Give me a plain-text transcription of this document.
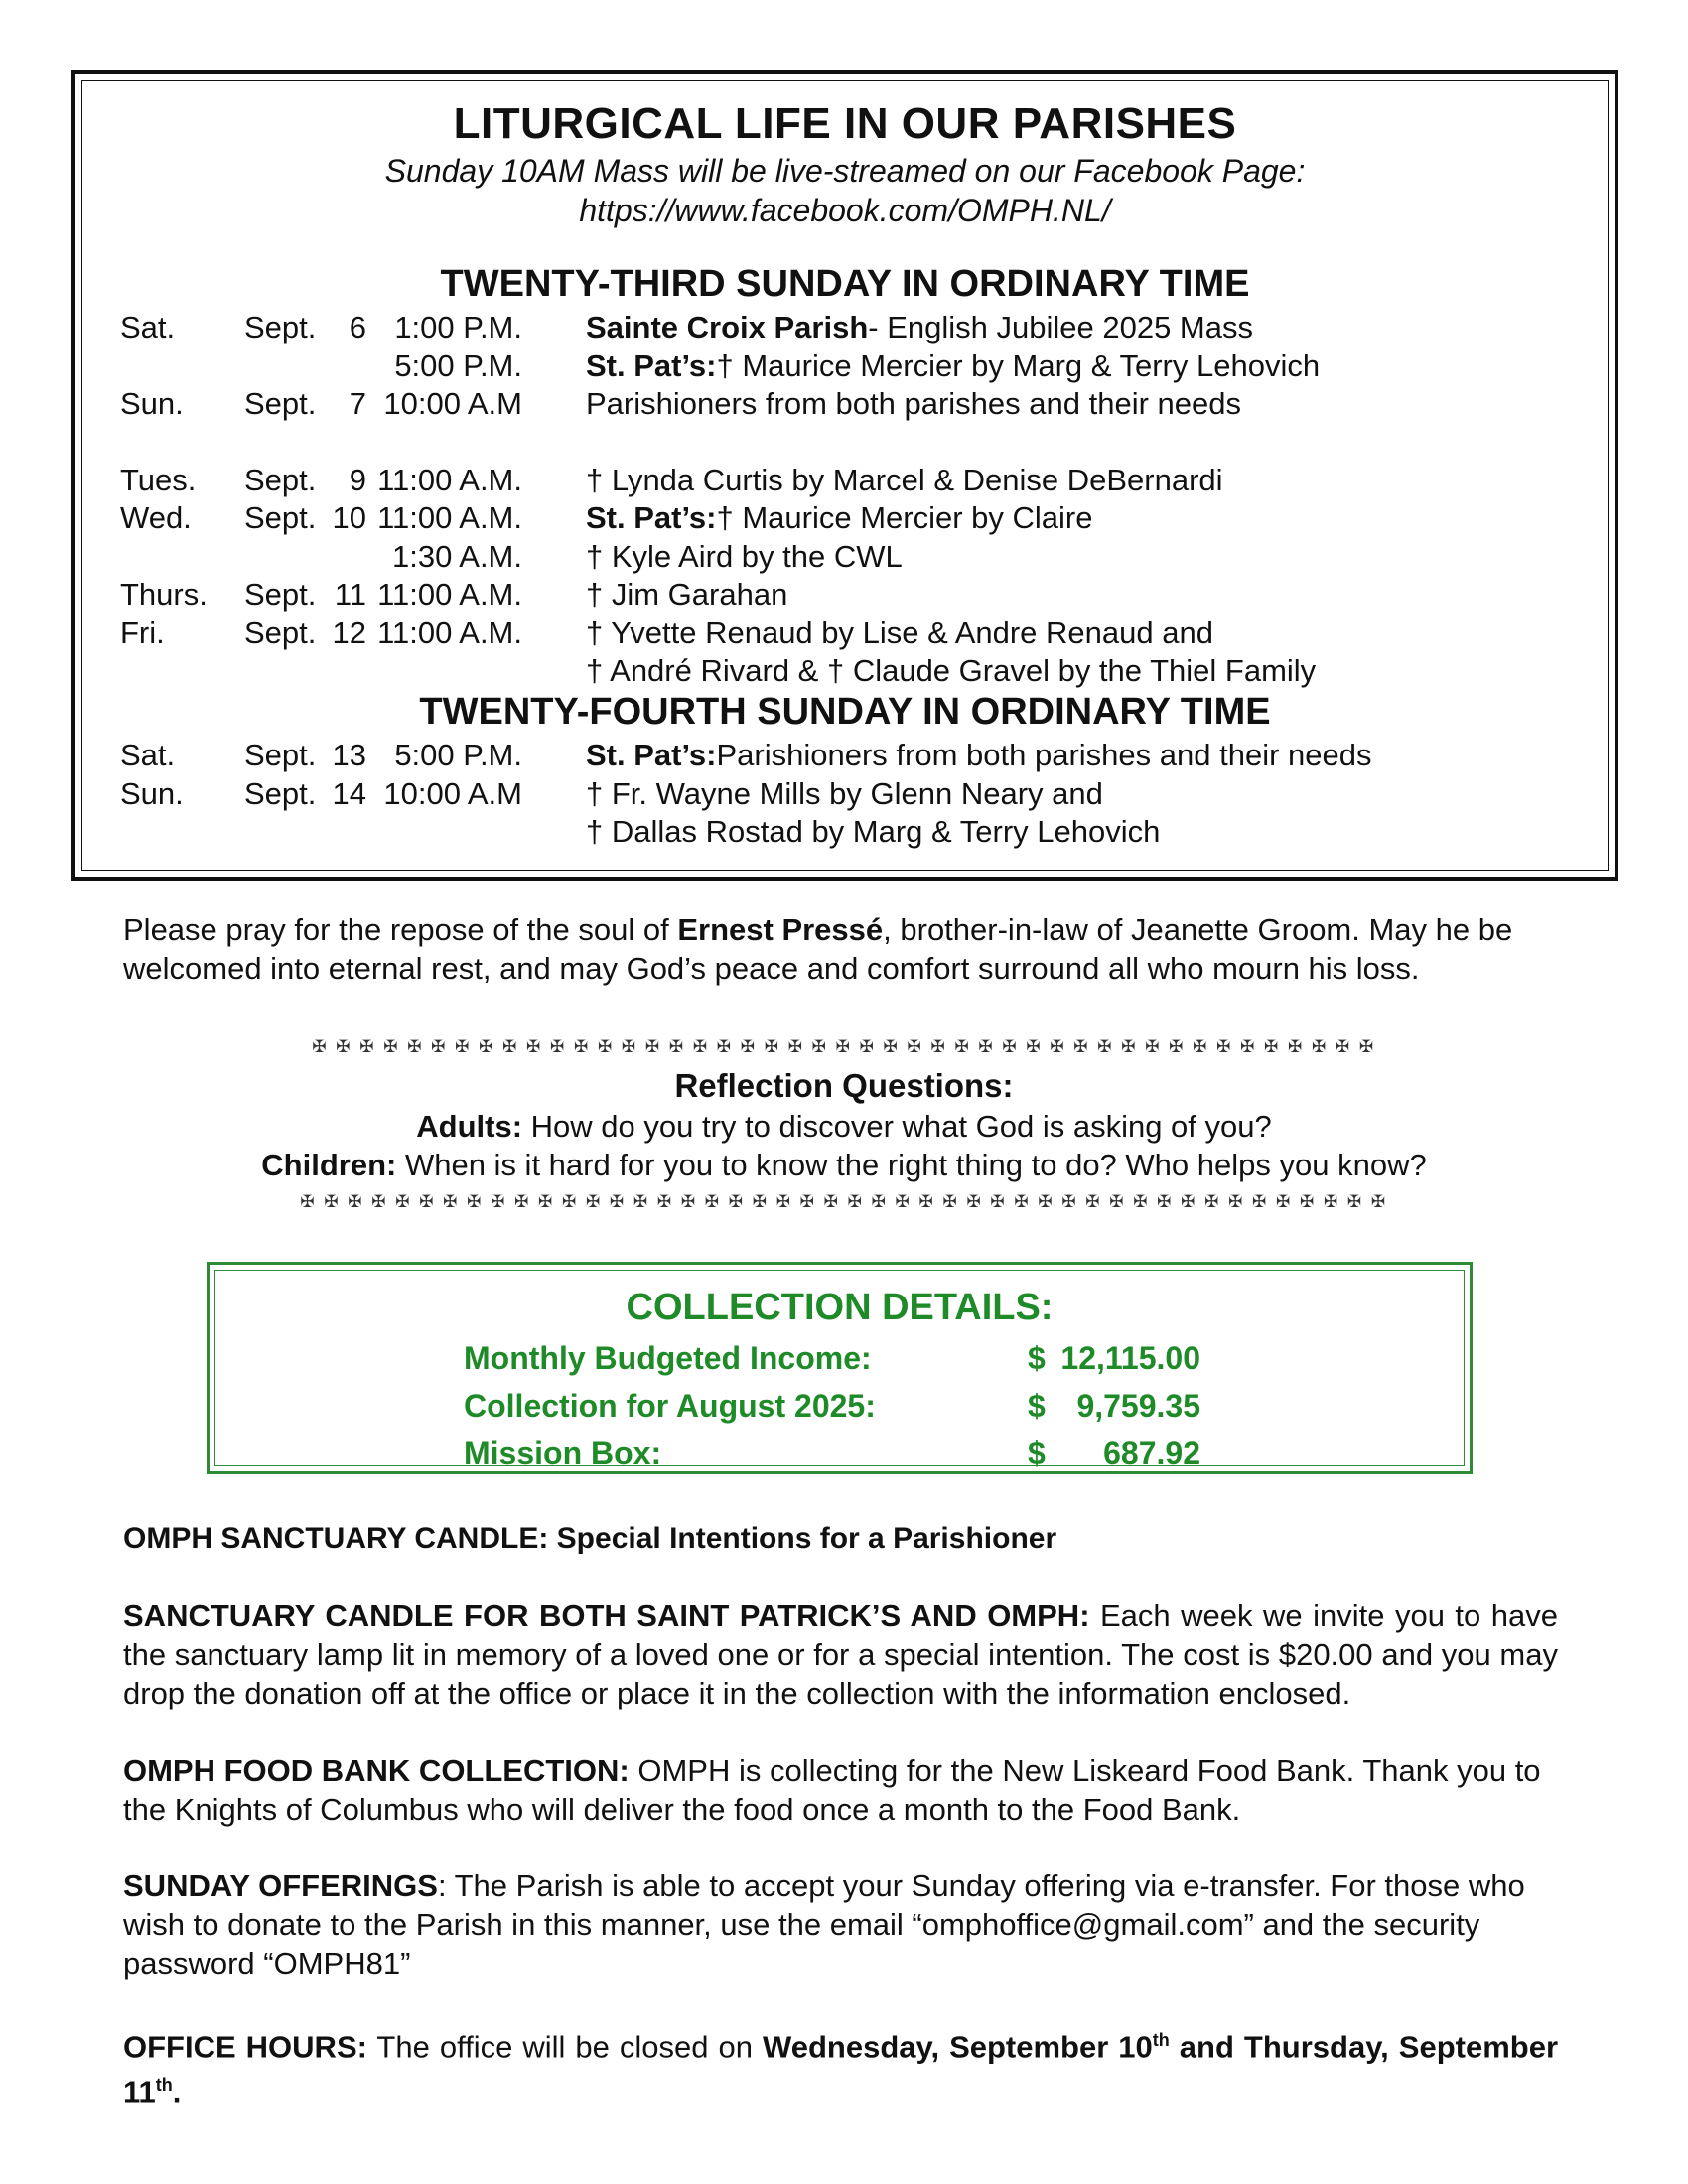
LITURGICAL LIFE IN OUR PARISHES
Sunday 10AM Mass will be live-streamed on our Facebook Page:
https://www.facebook.com/OMPH.NL/
TWENTY-THIRD SUNDAY IN ORDINARY TIME
Sat. Sept.	6 1:00 P.M. Sainte Croix Parish - English Jubilee 2025 Mass
5:00 P.M. St. Pat’s: † Maurice Mercier by Marg & Terry Lehovich
Sun. Sept.	7 10:00 A.M Parishioners from both parishes and their needs
Tues. Sept.	9 11:00 A.M. † Lynda Curtis by Marcel & Denise DeBernardi
Wed. Sept. 10 11:00 A.M. St. Pat’s: † Maurice Mercier by Claire
1:30 A.M. † Kyle Aird by the CWL
Thurs. Sept. 11 11:00 A.M. † Jim Garahan
Fri.	Sept. 12 11:00 A.M. † Yvette Renaud by Lise & Andre Renaud and
† André Rivard & † Claude Gravel by the Thiel Family
TWENTY-FOURTH SUNDAY IN ORDINARY TIME
Sat. Sept. 13 5:00 P.M. St. Pat’s: Parishioners from both parishes and their needs
Sun. Sept. 14 10:00 A.M † Fr. Wayne Mills by Glenn Neary and
† Dallas Rostad by Marg & Terry Lehovich
Please pray for the repose of the soul of Ernest Pressé, brother-in-law of Jeanette Groom. May he be welcomed into eternal rest, and may God’s peace and comfort surround all who mourn his loss.
✠ ✠ ✠ ✠ ✠ ✠ ✠ ✠ ✠ ✠ ✠ ✠ ✠ ✠ ✠ ✠ ✠ ✠ ✠ ✠ ✠ ✠ ✠ ✠ ✠ ✠ ✠ ✠ ✠ ✠ ✠ ✠ ✠ ✠ ✠ ✠ ✠ ✠ ✠ ✠ ✠ ✠ ✠ ✠ ✠
Reflection Questions:
Adults: How do you try to discover what God is asking of you?
Children: When is it hard for you to know the right thing to do? Who helps you know?
✠ ✠ ✠ ✠ ✠ ✠ ✠ ✠ ✠ ✠ ✠ ✠ ✠ ✠ ✠ ✠ ✠ ✠ ✠ ✠ ✠ ✠ ✠ ✠ ✠ ✠ ✠ ✠ ✠ ✠ ✠ ✠ ✠ ✠ ✠ ✠ ✠ ✠ ✠ ✠ ✠ ✠ ✠ ✠ ✠ ✠
COLLECTION DETAILS:
Monthly Budgeted Income:	$ 12,115.00
Collection for August 2025:	$ 9,759.35
Mission Box:	$ 687.92
OMPH SANCTUARY CANDLE: Special Intentions for a Parishioner
SANCTUARY CANDLE FOR BOTH SAINT PATRICK’S AND OMPH: Each week we invite you to have the sanctuary lamp lit in memory of a loved one or for a special intention. The cost is $20.00 and you may drop the donation off at the office or place it in the collection with the information enclosed.
OMPH FOOD BANK COLLECTION: OMPH is collecting for the New Liskeard Food Bank. Thank you to the Knights of Columbus who will deliver the food once a month to the Food Bank.
SUNDAY OFFERINGS: The Parish is able to accept your Sunday offering via e-transfer. For those who wish to donate to the Parish in this manner, use the email “omphoffice@gmail.com” and the security password “OMPH81”
OFFICE HOURS: The office will be closed on Wednesday, September 10th and Thursday, September 11th.
